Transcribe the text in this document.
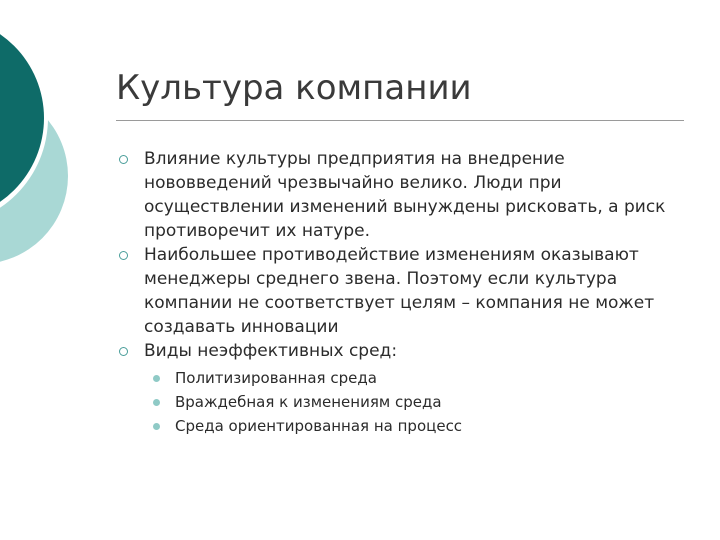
Культура компании
Влияние культуры предприятия на внедрение нововведений чрезвычайно велико. Люди при осуществлении изменений вынуждены рисковать, а риск противоречит их натуре.
Наибольшее противодействие изменениям оказывают менеджеры среднего звена. Поэтому если культура компании не соответствует целям – компания не может создавать инновации
Виды неэффективных сред:
Политизированная среда
Враждебная к изменениям среда
Среда ориентированная на процесс
